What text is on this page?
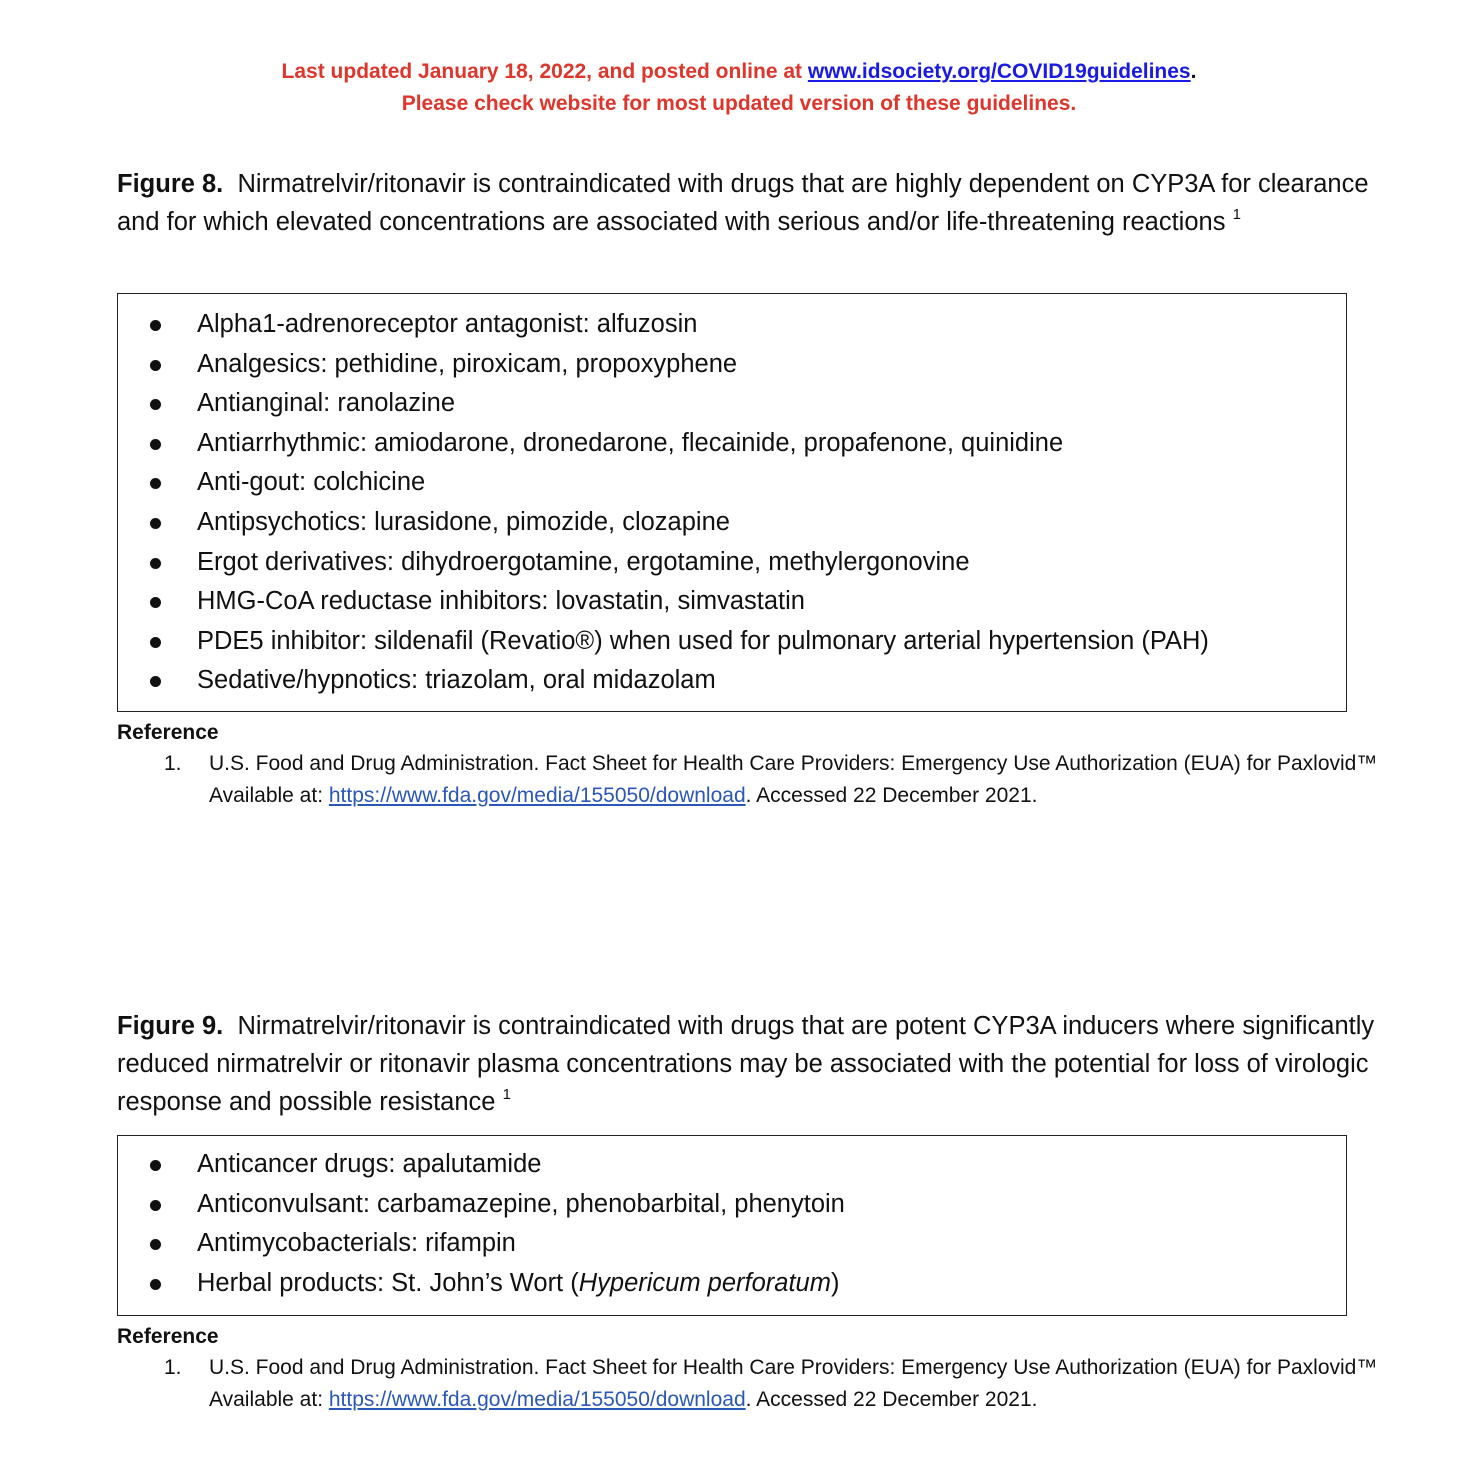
Last updated January 18, 2022, and posted online at www.idsociety.org/COVID19guidelines.
Please check website for most updated version of these guidelines.
Figure 8. Nirmatrelvir/ritonavir is contraindicated with drugs that are highly dependent on CYP3A for clearance and for which elevated concentrations are associated with serious and/or life-threatening reactions $^1$
Alpha1-adrenoreceptor antagonist: alfuzosin
Analgesics: pethidine, piroxicam, propoxyphene
Antianginal: ranolazine
Antiarrhythmic: amiodarone, dronedarone, flecainide, propafenone, quinidine
Anti-gout: colchicine
Antipsychotics: lurasidone, pimozide, clozapine
Ergot derivatives: dihydroergotamine, ergotamine, methylergonovine
HMG-CoA reductase inhibitors: lovastatin, simvastatin
PDE5 inhibitor: sildenafil (Revatio®) when used for pulmonary arterial hypertension (PAH)
Sedative/hypnotics: triazolam, oral midazolam
Reference
1. U.S. Food and Drug Administration. Fact Sheet for Health Care Providers: Emergency Use Authorization (EUA) for Paxlovid™ Available at: https://www.fda.gov/media/155050/download. Accessed 22 December 2021.
Figure 9. Nirmatrelvir/ritonavir is contraindicated with drugs that are potent CYP3A inducers where significantly reduced nirmatrelvir or ritonavir plasma concentrations may be associated with the potential for loss of virologic response and possible resistance $^1$
Anticancer drugs: apalutamide
Anticonvulsant: carbamazepine, phenobarbital, phenytoin
Antimycobacterials: rifampin
Herbal products: St. John’s Wort (Hypericum perforatum)
Reference
1. U.S. Food and Drug Administration. Fact Sheet for Health Care Providers: Emergency Use Authorization (EUA) for Paxlovid™ Available at: https://www.fda.gov/media/155050/download. Accessed 22 December 2021.
